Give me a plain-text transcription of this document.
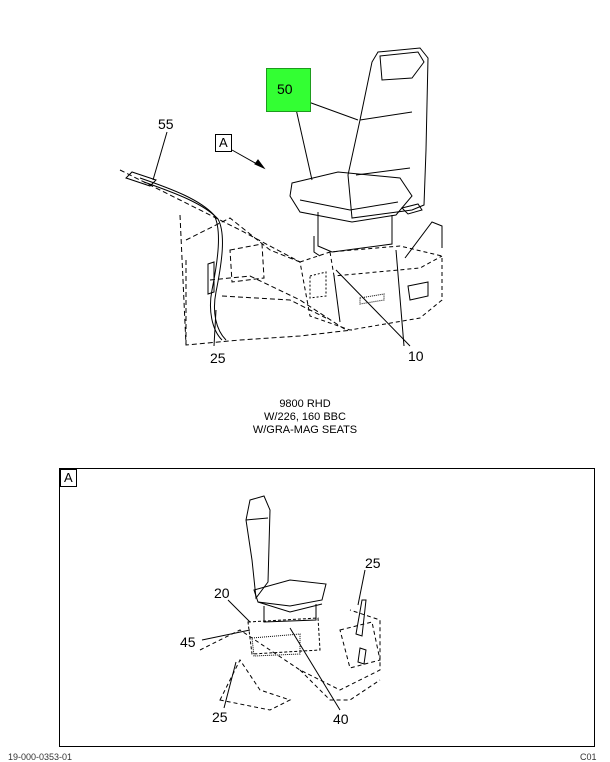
50
55
A
10
25
9800 RHD
W/226, 160 BBC
W/GRA-MAG SEATS
A
25
20
45
25	40
19-000-0353-01	C01
